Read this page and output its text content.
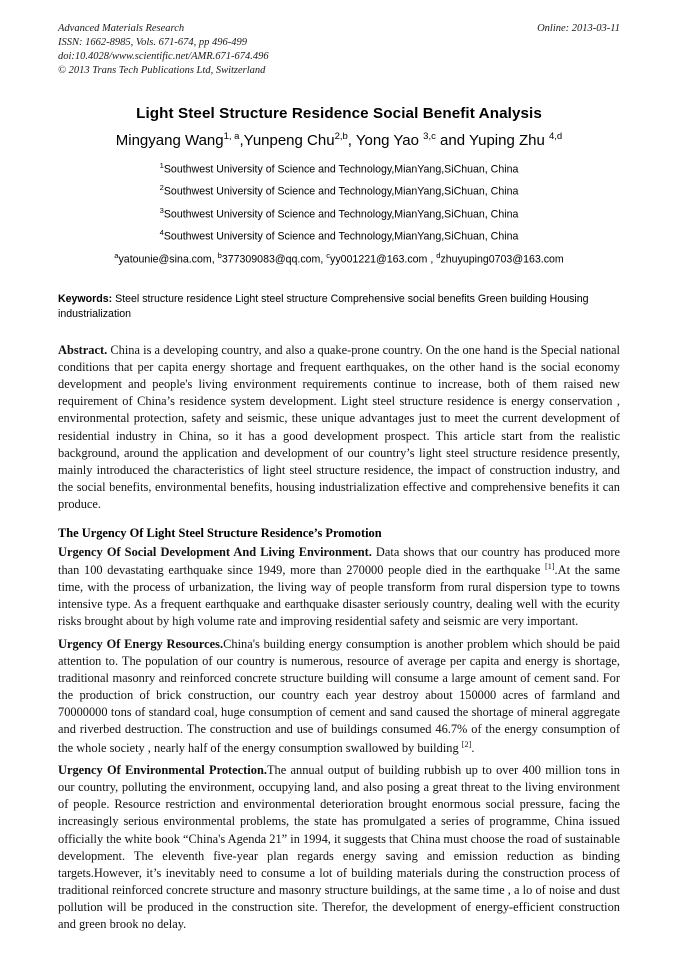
Advanced Materials Research
ISSN: 1662-8985, Vols. 671-674, pp 496-499
doi:10.4028/www.scientific.net/AMR.671-674.496
© 2013 Trans Tech Publications Ltd, Switzerland
Online: 2013-03-11
Light Steel Structure Residence Social Benefit Analysis
Mingyang Wang$^{1, a}$,Yunpeng Chu$^{2,b}$, Yong Yao $^{3,c}$ and Yuping Zhu $^{4,d}$
$^1$Southwest University of Science and Technology,MianYang,SiChuan, China
$^2$Southwest University of Science and Technology,MianYang,SiChuan, China
$^3$Southwest University of Science and Technology,MianYang,SiChuan, China
$^4$Southwest University of Science and Technology,MianYang,SiChuan, China
$^a$yatounie@sina.com, $^b$377309083@qq.com, $^c$yy001221@163.com , $^d$zhuyuping0703@163.com
Keywords: Steel structure residence Light steel structure Comprehensive social benefits Green building Housing industrialization
Abstract. China is a developing country, and also a quake-prone country. On the one hand is the Special national conditions that per capita energy shortage and frequent earthquakes, on the other hand is the social economy development and people's living environment requirements continue to increase, both of them raised new requirement of China’s residence system development. Light steel structure residence is energy conservation , environmental protection, safety and seismic, these unique advantages just to meet the current development of residential industry in China, so it has a good development prospect. This article start from the realistic background, around the application and development of our country’s light steel structure residence presently, mainly introduced the characteristics of light steel structure residence, the impact of construction industry, and the social benefits, environmental benefits, housing industrialization effective and comprehensive benefits it can produce.
The Urgency Of Light Steel Structure Residence’s Promotion
Urgency Of Social Development And Living Environment. Data shows that our country has produced more than 100 devastating earthquake since 1949, more than 270000 people died in the earthquake [1].At the same time, with the process of urbanization, the living way of people transform from rural dispersion type to towns intensive type. As a frequent earthquake and earthquake disaster seriously country, dealing well with the ecurity risks brought about by high volume rate and improving residential safety and seismic are very important.
Urgency Of Energy Resources.China's building energy consumption is another problem which should be paid attention to. The population of our country is numerous, resource of average per capita and energy is shortage, traditional masonry and reinforced concrete structure building will consume a large amount of cement sand. For the production of brick construction, our country each year destroy about 150000 acres of farmland and 70000000 tons of standard coal, huge consumption of cement and sand caused the shortage of mineral aggregate and riverbed destruction. The construction and use of buildings consumed 46.7% of the energy consumption of the whole society , nearly half of the energy consumption swallowed by building [2].
Urgency Of Environmental Protection.The annual output of building rubbish up to over 400 million tons in our country, polluting the environment, occupying land, and also posing a great threat to the living environment of people. Resource restriction and environmental deterioration brought enormous social pressure, facing the increasingly serious environmental problems, the state has promulgated a series of programme, China issued officially the white book “China's Agenda 21” in 1994, it suggests that China must choose the road of sustainable development. The eleventh five-year plan regards energy saving and emission reduction as binding targets.However, it’s inevitably need to consume a lot of building materials during the construction process of traditional reinforced concrete structure and masonry structure buildings, at the same time , a lo of noise and dust pollution will be produced in the construction site. Therefor, the development of energy-efficient construction and green brook no delay.
